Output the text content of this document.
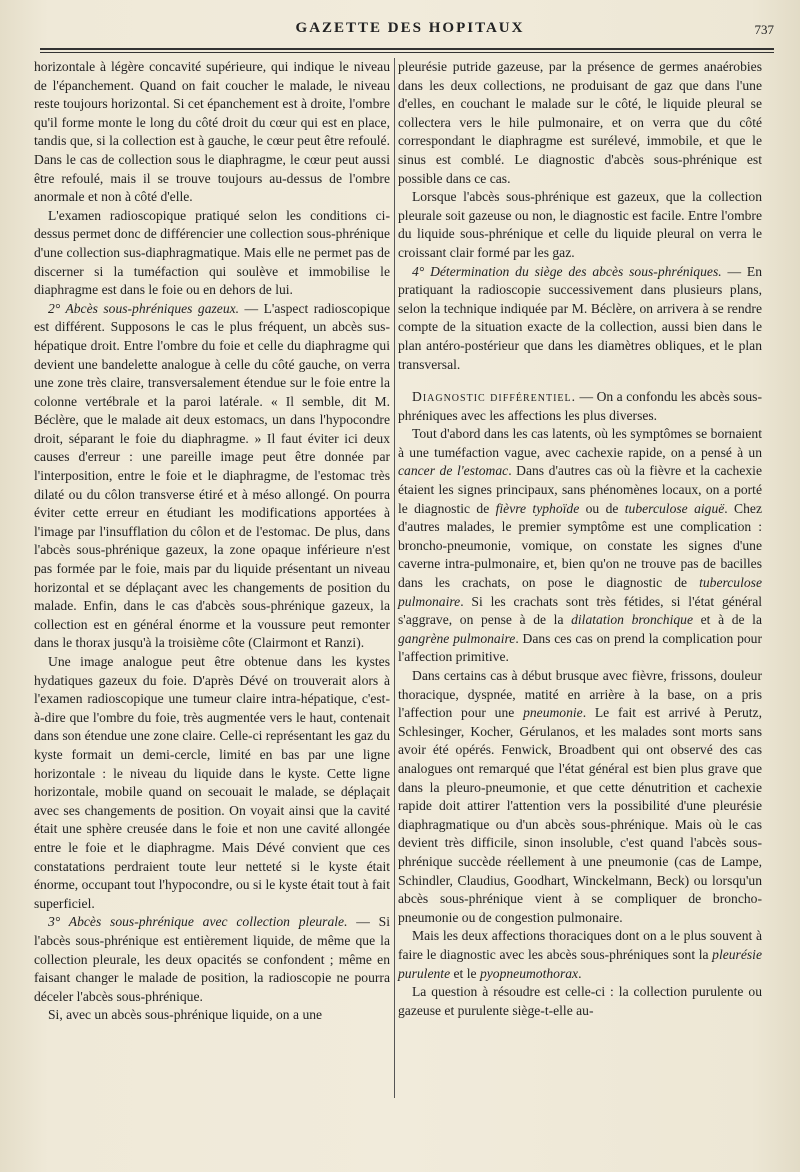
GAZETTE DES HOPITAUX	737

horizontale à légère concavité supérieure, qui indique le niveau de l'épanchement. Quand on fait coucher le malade, le niveau reste toujours horizontal. Si cet épanchement est à droite, l'ombre qu'il forme monte le long du côté droit du cœur qui est en place, tandis que, si la collection est à gauche, le cœur peut être refoulé. Dans le cas de collection sous le diaphragme, le cœur peut aussi être refoulé, mais il se trouve toujours au-dessus de l'ombre anormale et non à côté d'elle.

L'examen radioscopique pratiqué selon les conditions ci-dessus permet donc de différencier une collection sous-phrénique d'une collection sus-diaphragmatique. Mais elle ne permet pas de discerner si la tuméfaction qui soulève et immobilise le diaphragme est dans le foie ou en dehors de lui.

2° Abcès sous-phréniques gazeux. — L'aspect radioscopique est différent. Supposons le cas le plus fréquent, un abcès sus-hépatique droit. Entre l'ombre du foie et celle du diaphragme qui devient une bandelette analogue à celle du côté gauche, on verra une zone très claire, transversalement étendue sur le foie entre la colonne vertébrale et la paroi latérale. « Il semble, dit M. Béclère, que le malade ait deux estomacs, un dans l'hypocondre droit, séparant le foie du diaphragme. » Il faut éviter ici deux causes d'erreur : une pareille image peut être donnée par l'interposition, entre le foie et le diaphragme, de l'estomac très dilaté ou du côlon transverse étiré et à méso allongé. On pourra éviter cette erreur en étudiant les modifications apportées à l'image par l'insufflation du côlon et de l'estomac. De plus, dans l'abcès sous-phrénique gazeux, la zone opaque inférieure n'est pas formée par le foie, mais par du liquide présentant un niveau horizontal et se déplaçant avec les changements de position du malade. Enfin, dans le cas d'abcès sous-phrénique gazeux, la collection est en général énorme et la voussure peut remonter dans le thorax jusqu'à la troisième côte (Clairmont et Ranzi).

Une image analogue peut être obtenue dans les kystes hydatiques gazeux du foie. D'après Dévé on trouverait alors à l'examen radioscopique une tumeur claire intra-hépatique, c'est-à-dire que l'ombre du foie, très augmentée vers le haut, contenait dans son étendue une zone claire. Celle-ci représentant les gaz du kyste formait un demi-cercle, limité en bas par une ligne horizontale : le niveau du liquide dans le kyste. Cette ligne horizontale, mobile quand on secouait le malade, se déplaçait avec ses changements de position. On voyait ainsi que la cavité était une sphère creusée dans le foie et non une cavité allongée entre le foie et le diaphragme. Mais Dévé convient que ces constatations perdraient toute leur netteté si le kyste était énorme, occupant tout l'hypocondre, ou si le kyste était tout à fait superficiel.

3° Abcès sous-phrénique avec collection pleurale. — Si l'abcès sous-phrénique est entièrement liquide, de même que la collection pleurale, les deux opacités se confondent ; même en faisant changer le malade de position, la radioscopie ne pourra déceler l'abcès sous-phrénique.

Si, avec un abcès sous-phrénique liquide, on a une

pleurésie putride gazeuse, par la présence de germes anaérobies dans les deux collections, ne produisant de gaz que dans l'une d'elles, en couchant le malade sur le côté, le liquide pleural se collectera vers le hile pulmonaire, et on verra que du côté correspondant le diaphragme est surélevé, immobile, et que le sinus est comblé. Le diagnostic d'abcès sous-phrénique est possible dans ce cas.

Lorsque l'abcès sous-phrénique est gazeux, que la collection pleurale soit gazeuse ou non, le diagnostic est facile. Entre l'ombre du liquide sous-phrénique et celle du liquide pleural on verra le croissant clair formé par les gaz.

4° Détermination du siège des abcès sous-phréniques. — En pratiquant la radioscopie successivement dans plusieurs plans, selon la technique indiquée par M. Béclère, on arrivera à se rendre compte de la situation exacte de la collection, aussi bien dans le plan antéro-postérieur que dans les diamètres obliques, et le plan transversal.

Diagnostic différentiel. — On a confondu les abcès sous-phréniques avec les affections les plus diverses.

Tout d'abord dans les cas latents, où les symptômes se bornaient à une tuméfaction vague, avec cachexie rapide, on a pensé à un cancer de l'estomac. Dans d'autres cas où la fièvre et la cachexie étaient les signes principaux, sans phénomènes locaux, on a porté le diagnostic de fièvre typhoïde ou de tuberculose aiguë. Chez d'autres malades, le premier symptôme est une complication : broncho-pneumonie, vomique, on constate les signes d'une caverne intra-pulmonaire, et, bien qu'on ne trouve pas de bacilles dans les crachats, on pose le diagnostic de tuberculose pulmonaire. Si les crachats sont très fétides, si l'état général s'aggrave, on pense à de la dilatation bronchique et à de la gangrène pulmonaire. Dans ces cas on prend la complication pour l'affection primitive.

Dans certains cas à début brusque avec fièvre, frissons, douleur thoracique, dyspnée, matité en arrière à la base, on a pris l'affection pour une pneumonie. Le fait est arrivé à Perutz, Schlesinger, Kocher, Gérulanos, et les malades sont morts sans avoir été opérés. Fenwick, Broadbent qui ont observé des cas analogues ont remarqué que l'état général est bien plus grave que dans la pleuro-pneumonie, et que cette dénutrition et cachexie rapide doit attirer l'attention vers la possibilité d'une pleurésie diaphragmatique ou d'un abcès sous-phrénique. Mais où le cas devient très difficile, sinon insoluble, c'est quand l'abcès sous-phrénique succède réellement à une pneumonie (cas de Lampe, Schindler, Claudius, Goodhart, Winckelmann, Beck) ou lorsqu'un abcès sous-phrénique vient à se compliquer de broncho-pneumonie ou de congestion pulmonaire.

Mais les deux affections thoraciques dont on a le plus souvent à faire le diagnostic avec les abcès sous-phréniques sont la pleurésie purulente et le pyopneumothorax.

La question à résoudre est celle-ci : la collection purulente ou gazeuse et purulente siège-t-elle au-
